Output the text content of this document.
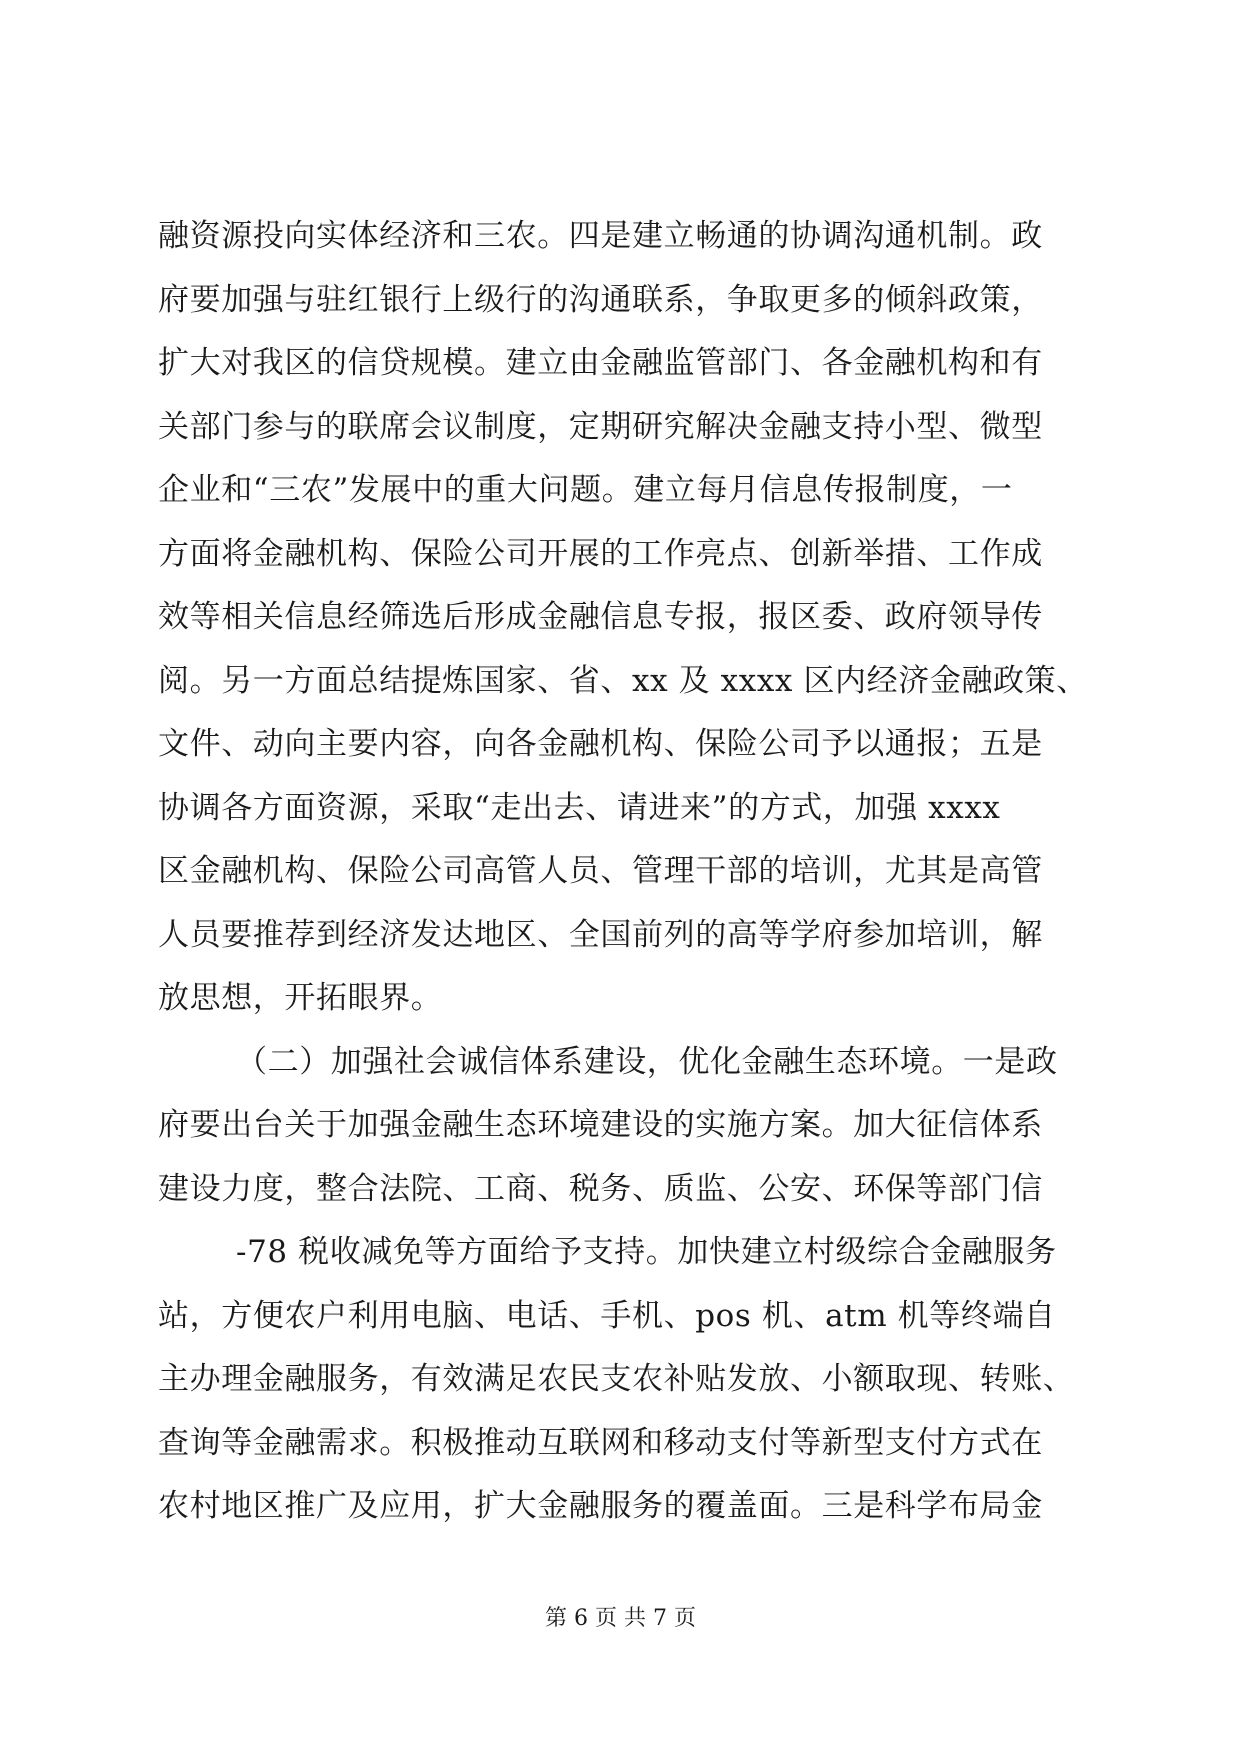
融资源投向实体经济和三农。四是建立畅通的协调沟通机制。政
府要加强与驻红银行上级行的沟通联系，争取更多的倾斜政策，
扩大对我区的信贷规模。建立由金融监管部门、各金融机构和有
关部门参与的联席会议制度，定期研究解决金融支持小型、微型
企业和“三农”发展中的重大问题。建立每月信息传报制度，一
方面将金融机构、保险公司开展的工作亮点、创新举措、工作成
效等相关信息经筛选后形成金融信息专报，报区委、政府领导传
阅。另一方面总结提炼国家、省、xx 及 xxxx 区内经济金融政策、
文件、动向主要内容，向各金融机构、保险公司予以通报；五是
协调各方面资源，采取“走出去、请进来”的方式，加强 xxxx
区金融机构、保险公司高管人员、管理干部的培训，尤其是高管
人员要推荐到经济发达地区、全国前列的高等学府参加培训，解
放思想，开拓眼界。
（二）加强社会诚信体系建设，优化金融生态环境。一是政
府要出台关于加强金融生态环境建设的实施方案。加大征信体系
建设力度，整合法院、工商、税务、质监、公安、环保等部门信
-78 税收减免等方面给予支持。加快建立村级综合金融服务
站，方便农户利用电脑、电话、手机、pos 机、atm 机等终端自
主办理金融服务，有效满足农民支农补贴发放、小额取现、转账、
查询等金融需求。积极推动互联网和移动支付等新型支付方式在
农村地区推广及应用，扩大金融服务的覆盖面。三是科学布局金
第 6 页 共 7 页
